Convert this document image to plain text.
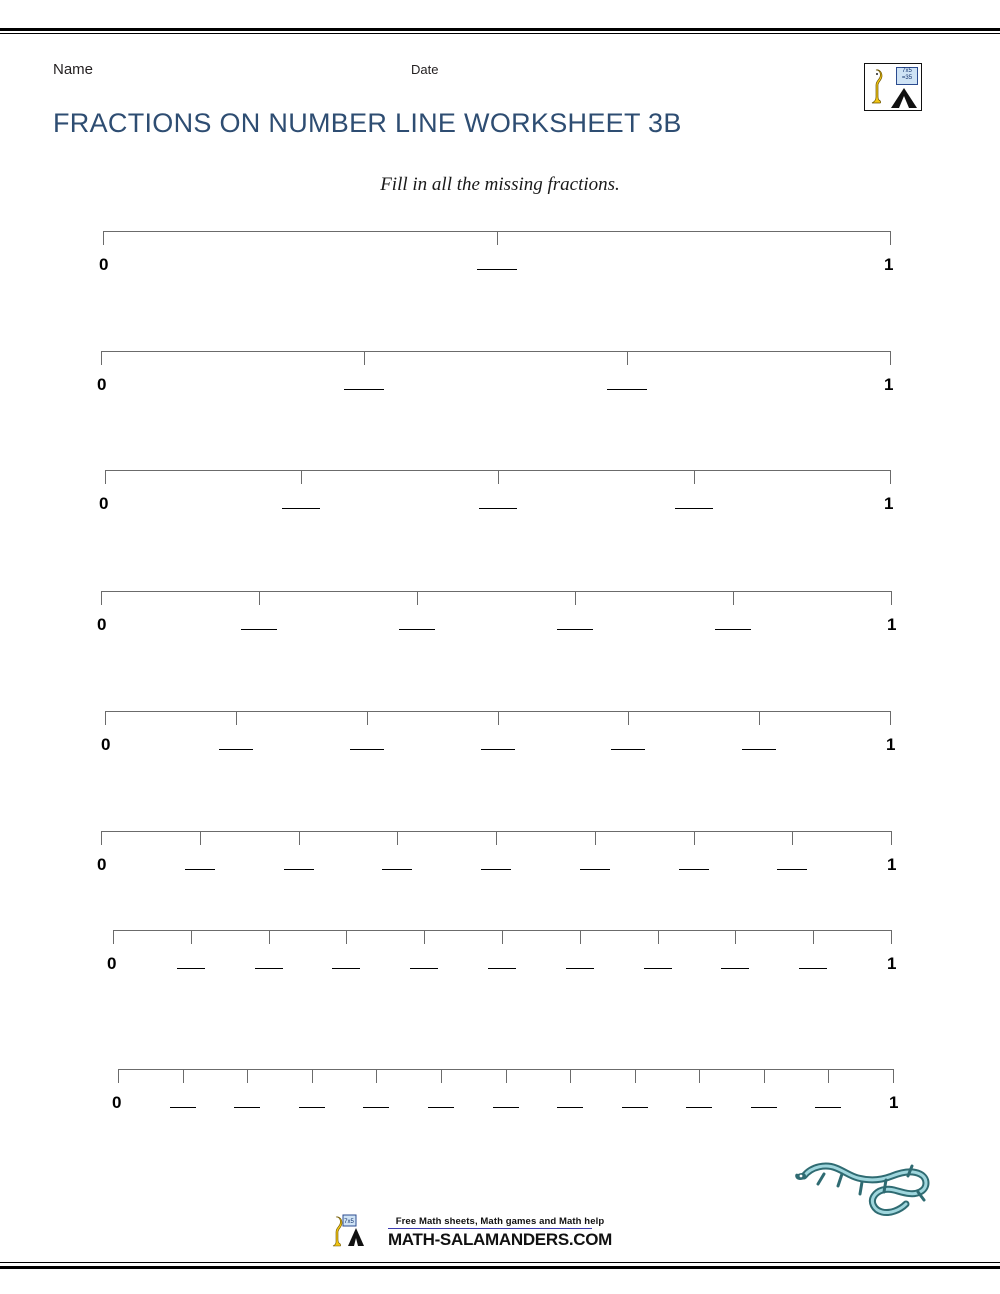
Name	Date
FRACTIONS ON NUMBER LINE WORKSHEET 3B
Fill in all the missing fractions.
7x5
=35
0	1
0	1
0	1
0	1
0	1
0	1
0	1
0	1
7x5	Free Math sheets, Math games and Math help
MATH-SALAMANDERS.COM
